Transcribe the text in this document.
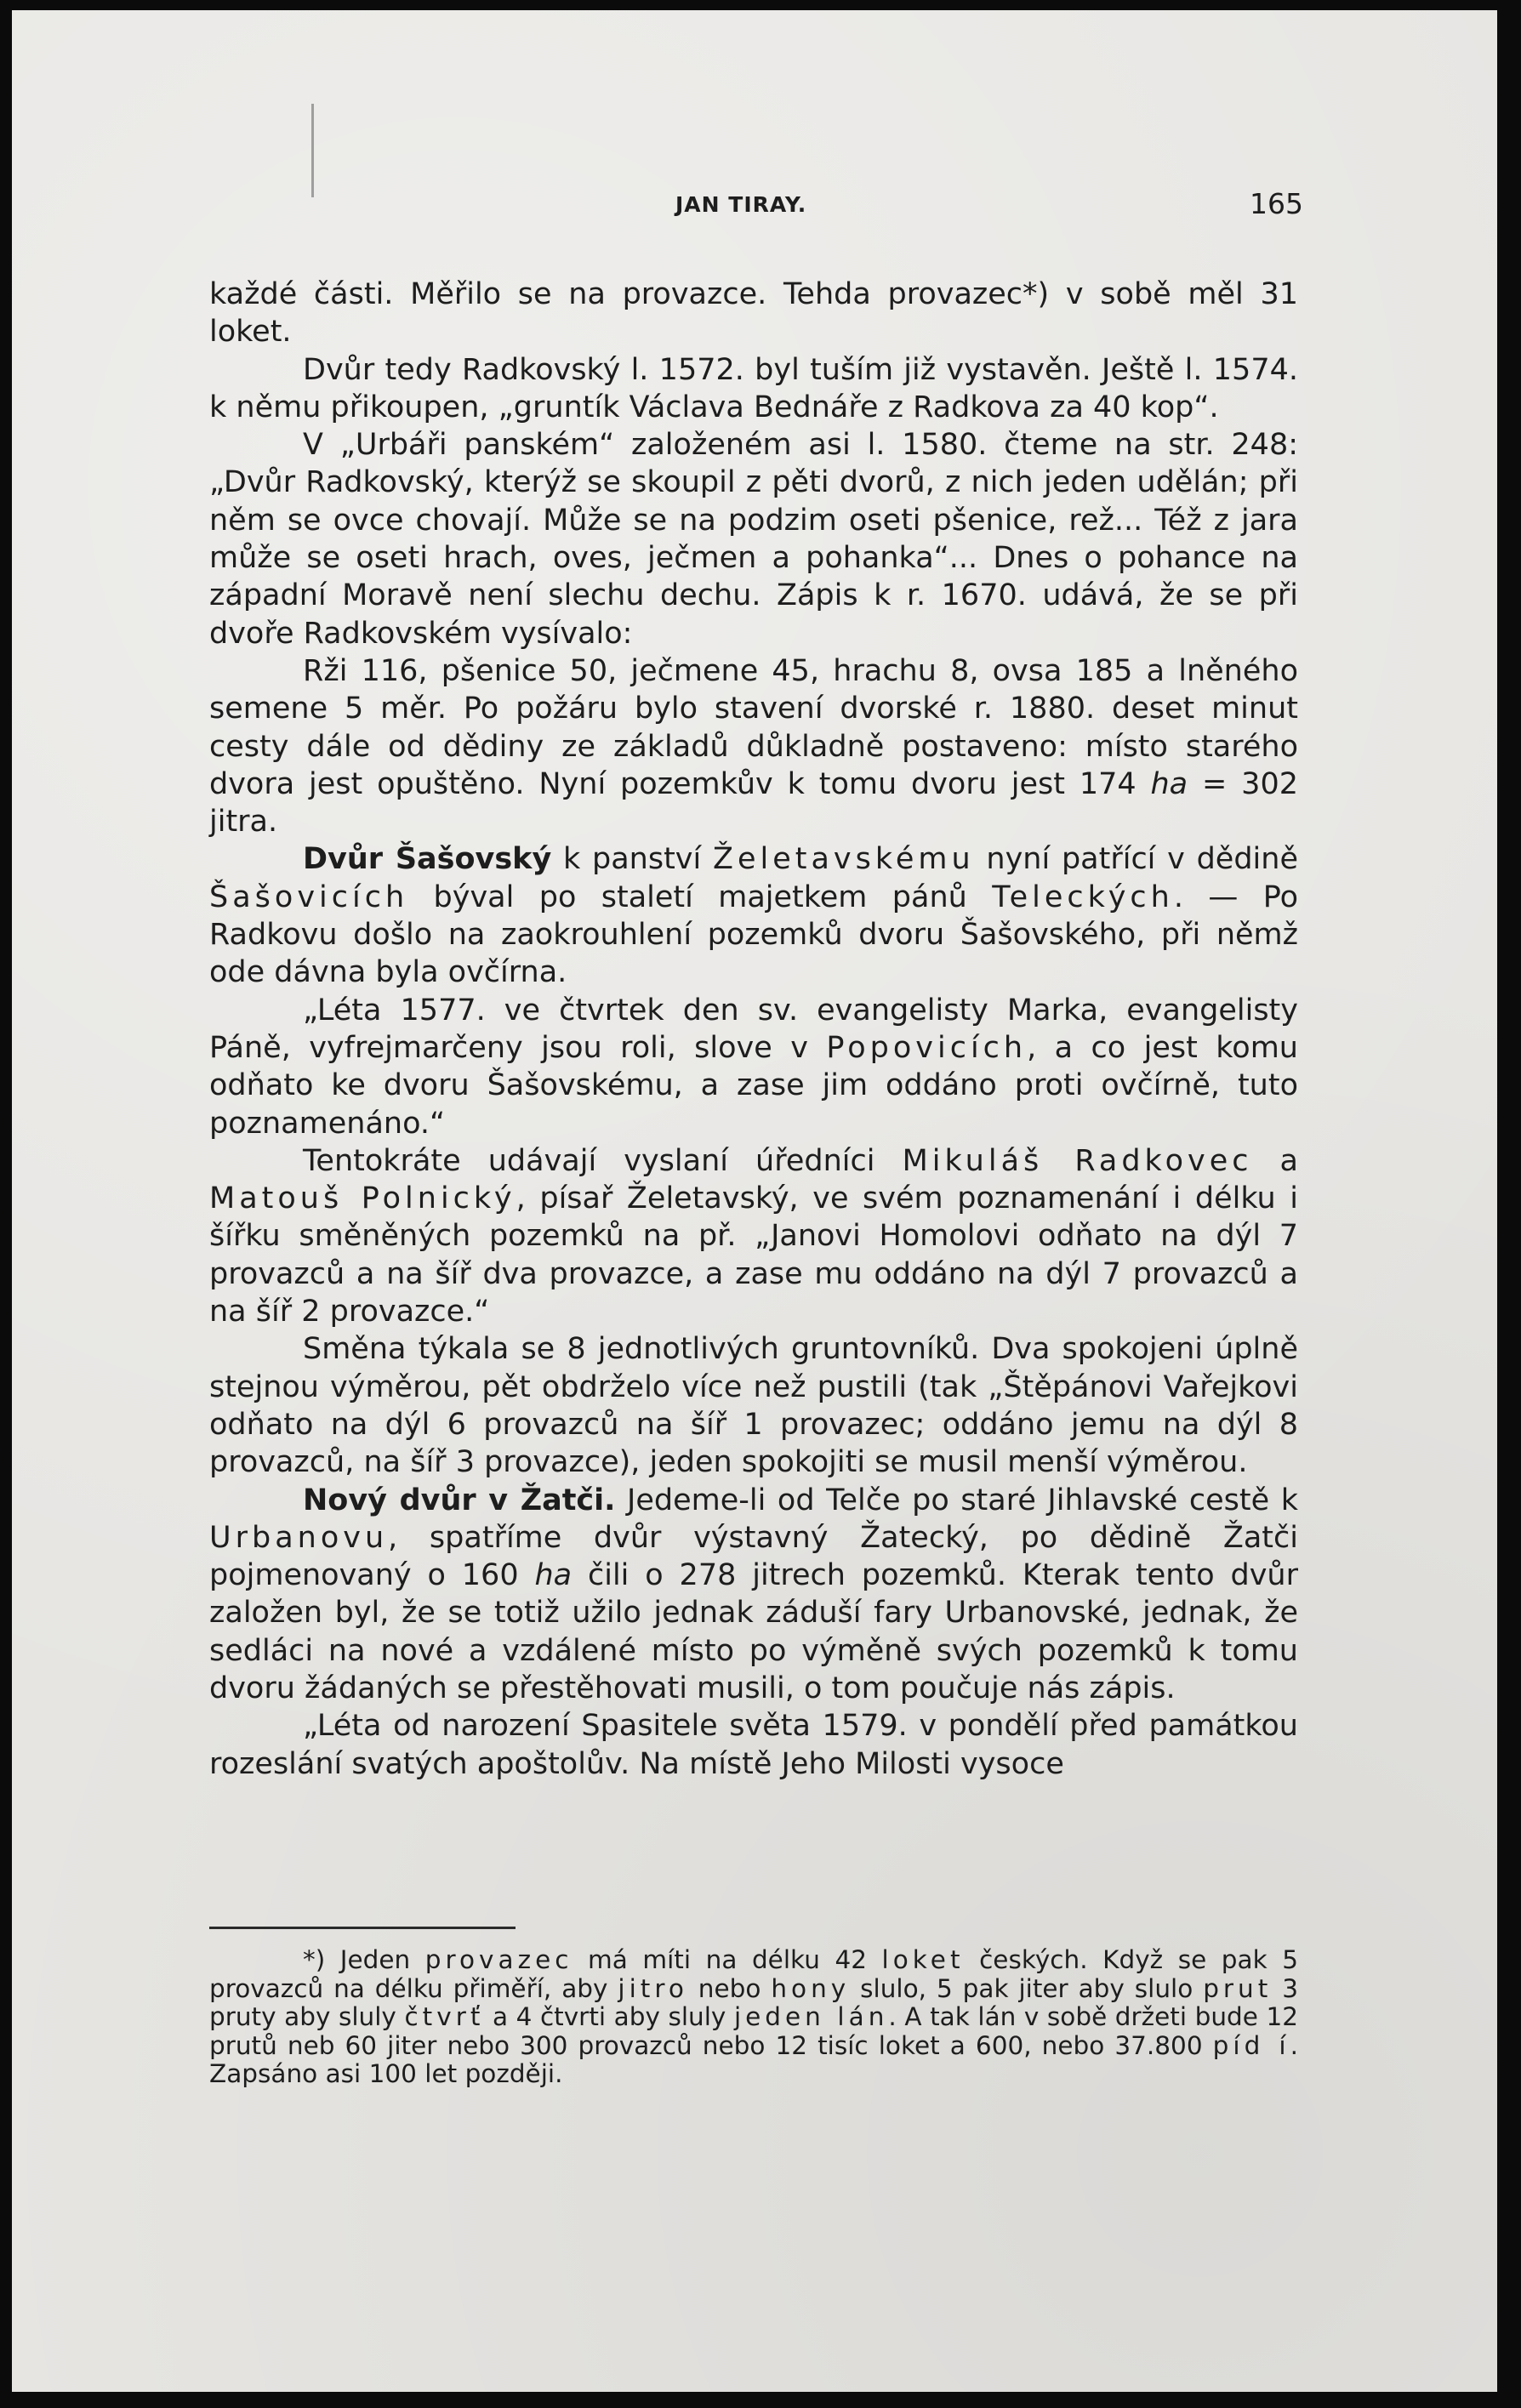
JAN TIRAY.	165

každé části. Měřilo se na provazce. Tehda provazec*) v sobě měl 31 loket.

Dvůr tedy Radkovský l. 1572. byl tuším již vystavěn. Ještě l. 1574. k němu přikoupen, „gruntík Václava Bednáře z Radkova za 40 kop“.

V „Urbáři panském“ založeném asi l. 1580. čteme na str. 248: „Dvůr Radkovský, kterýž se skoupil z pěti dvorů, z nich jeden udělán; při něm se ovce chovají. Může se na podzim oseti pšenice, rež... Též z jara může se oseti hrach, oves, ječmen a pohanka“... Dnes o pohance na západní Moravě není slechu dechu. Zápis k r. 1670. udává, že se při dvoře Radkovském vysívalo:

Rži 116, pšenice 50, ječmene 45, hrachu 8, ovsa 185 a lněného semene 5 měr. Po požáru bylo stavení dvorské r. 1880. deset minut cesty dále od dědiny ze základů důkladně postaveno: místo starého dvora jest opuštěno. Nyní pozemkův k tomu dvoru jest 174 ha = 302 jitra.

Dvůr Šašovský k panství Želetavskému nyní patřící v dědině Šašovicích býval po staletí majetkem pánů Teleckých. — Po Radkovu došlo na zaokrouhlení pozemků dvoru Šašovského, při němž ode dávna byla ovčírna.

„Léta 1577. ve čtvrtek den sv. evangelisty Marka, evangelisty Páně, vyfrejmarčeny jsou roli, slove v Popovicích, a co jest komu odňato ke dvoru Šašovskému, a zase jim oddáno proti ovčírně, tuto poznamenáno.“

Tentokráte udávají vyslaní úředníci Mikuláš Radkovec a Matouš Polnický, písař Želetavský, ve svém poznamenání i délku i šířku směněných pozemků na př. „Janovi Homolovi odňato na dýl 7 provazců a na šíř dva provazce, a zase mu oddáno na dýl 7 provazců a na šíř 2 provazce.“

Směna týkala se 8 jednotlivých gruntovníků. Dva spokojeni úplně stejnou výměrou, pět obdrželo více než pustili (tak „Štěpánovi Vařejkovi odňato na dýl 6 provazců na šíř 1 provazec; oddáno jemu na dýl 8 provazců, na šíř 3 provazce), jeden spokojiti se musil menší výměrou.

Nový dvůr v Žatči. Jedeme-li od Telče po staré Jihlavské cestě k Urbanovu, spatříme dvůr výstavný Žatecký, po dědině Žatči pojmenovaný o 160 ha čili o 278 jitrech pozemků. Kterak tento dvůr založen byl, že se totiž užilo jednak záduší fary Urbanovské, jednak, že sedláci na nové a vzdálené místo po výměně svých pozemků k tomu dvoru žádaných se přestěhovati musili, o tom poučuje nás zápis.

„Léta od narození Spasitele světa 1579. v pondělí před památkou rozeslání svatých apoštolův. Na místě Jeho Milosti vysoce

*) Jeden provazec má míti na délku 42 loket českých. Když se pak 5 provazců na délku přiměří, aby jitro nebo hony slulo, 5 pak jiter aby slulo prut 3 pruty aby sluly čtvrť a 4 čtvrti aby sluly jeden lán. A tak lán v sobě držeti bude 12 prutů neb 60 jiter nebo 300 provazců nebo 12 tisíc loket a 600, nebo 37.800 píd í. Zapsáno asi 100 let později.
